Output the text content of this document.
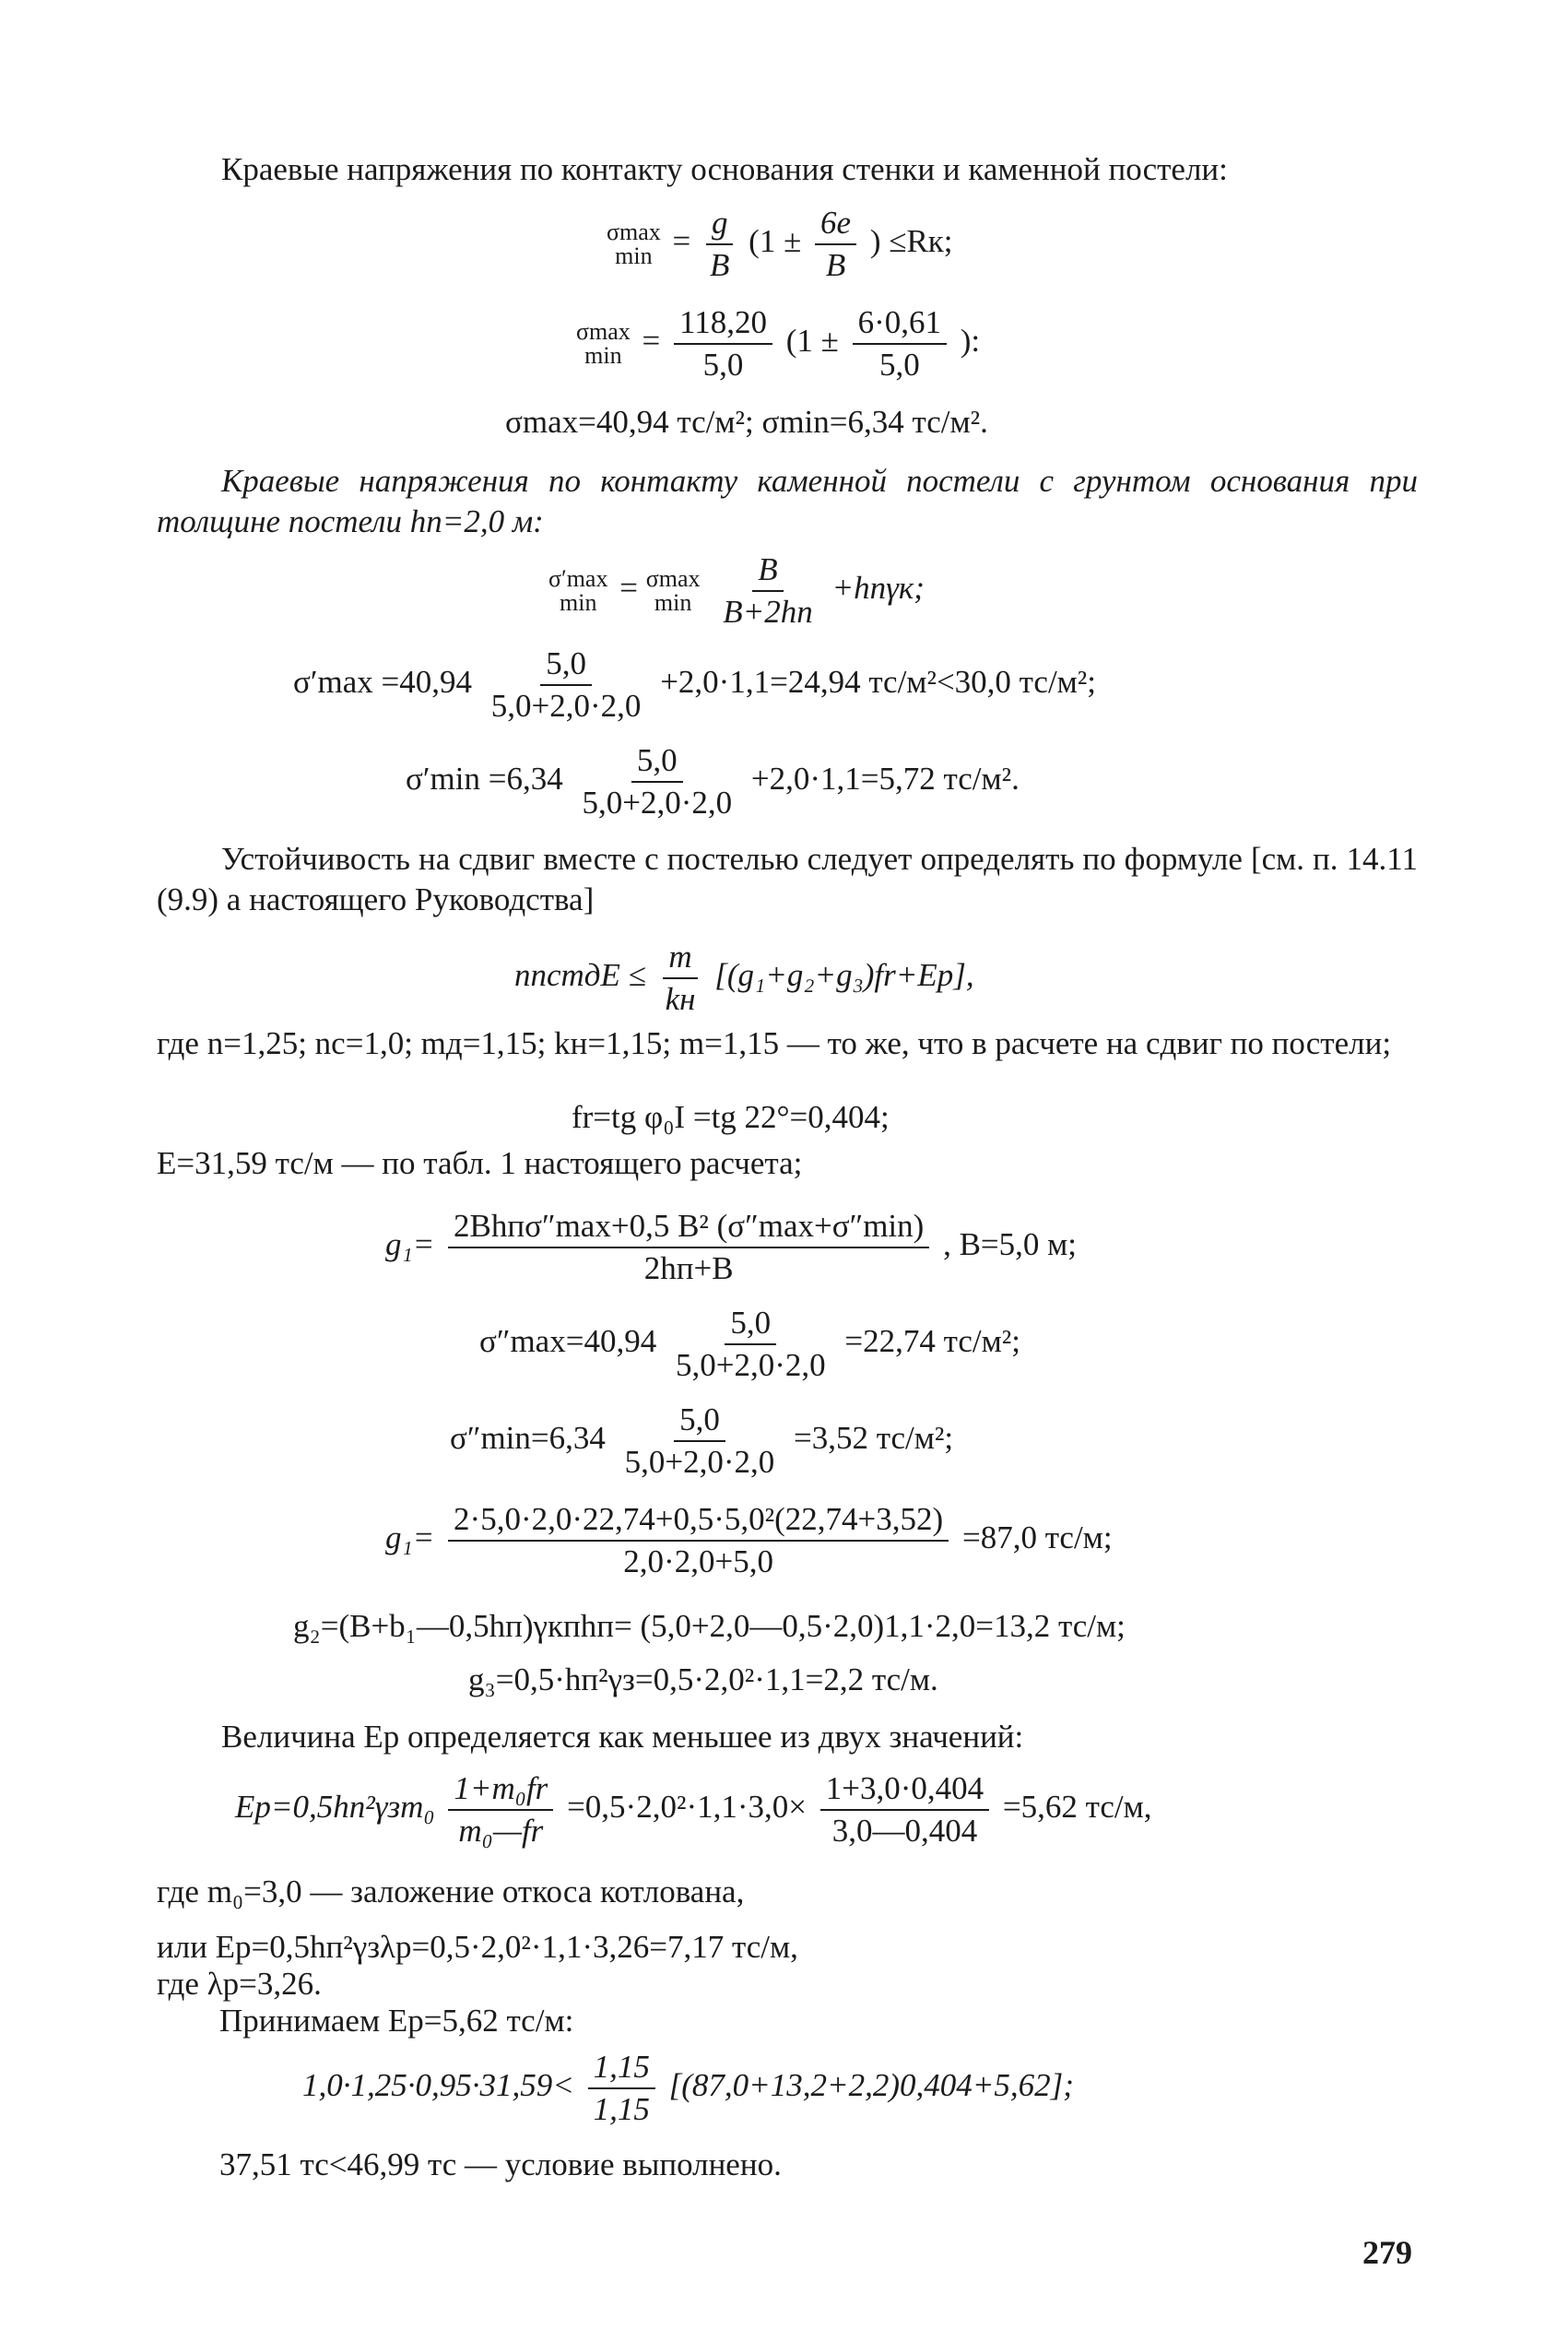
Краевые напряжения по контакту основания стенки и каменной постели:
σmax
$\min = \frac{g}{B} (1 \pm \frac{6e}{B}$ ) ≤Rк;
σmax
$\min = \frac{118,20}{5,0} (1 \pm \frac{6\cdot 0,61}{5,0}$ ):
σmax=40,94 тс/м²; σmin=6,34 тс/м².
Краевые напряжения по контакту каменной постели с грунтом основания при толщине постели hп=2,0 м:
σ′max
min = σmax
min
$\frac{B}{B+2hп} +hп\gamma к$;
$\sigma'\max =40,94 \frac{5,0}{5,0+2,0\cdot 2,0} +2,0\cdot 1,1=24,94$ тс/м²<30,0 тс/м²;
$\sigma'\min =6,34 \frac{5,0}{5,0+2,0\cdot 2,0} +2,0\cdot 1,1=5,72$ тс/м².
Устойчивость на сдвиг вместе с постелью следует определять по формуле [см. п. 14.11 (9.9) а настоящего Руководства]
nnсmдE ≤ $\frac{m}{kн} [(g_1+g_2+g_3)fr+Eр]$,
где n=1,25; nс=1,0; mд=1,15; kн=1,15; m=1,15 — то же, что в расчете на сдвиг по постели;
fr=tg φ₀I =tg 22°=0,404;
E=31,59 тс/м — по табл. 1 настоящего расчета;
$g_1= \frac{\text{2Bhпσ″max+0,5 B² (σ″max+σ″min)}}{2hп+B}$ , B=5,0 м;
$\sigma''\max=40,94 \frac{5,0}{5,0+2,0\cdot 2,0} =22,74$ тс/м²;
$\sigma''\min=6,34 \frac{5,0}{5,0+2,0\cdot 2,0} =3,52$ тс/м²;
$g_1= \frac{\text{2·5,0·2,0·22,74+0,5·5,0²(22,74+3,52)}}{2,0\cdot 2,0+5,0} =87,0$ тс/м;
g₂=(B+b₁—0,5hп)γкпhп= (5,0+2,0—0,5·2,0)1,1·2,0=13,2 тс/м;
g₃=0,5·hп²γз=0,5·2,0²·1,1=2,2 тс/м.
Величина Eр определяется как меньшее из двух значений:
$Eр=0,5hп^2\gamma зm_0 \frac{\text{1+m₀fr}}{\text{m₀—fr}} =0,5\cdot 2,0^2\cdot 1,1\cdot 3,0\times \frac{1+3,0\cdot 0,404}{3,0—0,404} =5,62$ тс/м,
где m₀=3,0 — заложение откоса котлована,
или Eр=0,5hп²γзλр=0,5·2,0²·1,1·3,26=7,17 тс/м,
где λр=3,26.
Принимаем Eр=5,62 тс/м:
$1,0\cdot 1,25\cdot 0,95\cdot 31,59< \frac{1,15}{1,15} [(87,0+13,2+2,2)0,404+5,62]$;
37,51 тс<46,99 тс — условие выполнено.
279
